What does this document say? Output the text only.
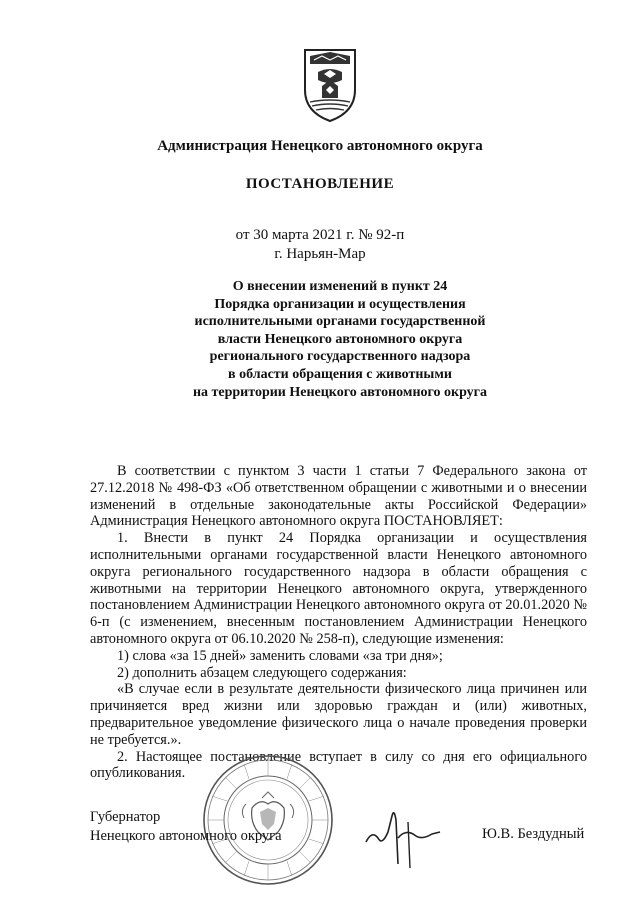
Администрация Ненецкого автономного округа
ПОСТАНОВЛЕНИЕ
от 30 марта 2021 г. № 92-п
г. Нарьян-Мар
О внесении изменений в пункт 24
Порядка организации и осуществления
исполнительными органами государственной
власти Ненецкого автономного округа
регионального государственного надзора
в области обращения с животными
на территории Ненецкого автономного округа

В соответствии с пунктом 3 части 1 статьи 7 Федерального закона от 27.12.2018 № 498-ФЗ «Об ответственном обращении с животными и о внесении изменений в отдельные законодательные акты Российской Федерации» Администрация Ненецкого автономного округа ПОСТАНОВЛЯЕТ:

1. Внести в пункт 24 Порядка организации и осуществления исполнительными органами государственной власти Ненецкого автономного округа регионального государственного надзора в области обращения с животными на территории Ненецкого автономного округа, утвержденного постановлением Администрации Ненецкого автономного округа от 20.01.2020 № 6-п (с изменением, внесенным постановлением Администрации Ненецкого автономного округа от 06.10.2020 № 258-п), следующие изменения:

1) слова «за 15 дней» заменить словами «за три дня»;

2) дополнить абзацем следующего содержания:

«В случае если в результате деятельности физического лица причинен или причиняется вред жизни или здоровью граждан и (или) животных, предварительное уведомление физического лица о начале проведения проверки не требуется.».

2. Настоящее постановление вступает в силу со дня его официального опубликования.

Губернатор
Ненецкого автономного округа	Ю.В. Бездудный
